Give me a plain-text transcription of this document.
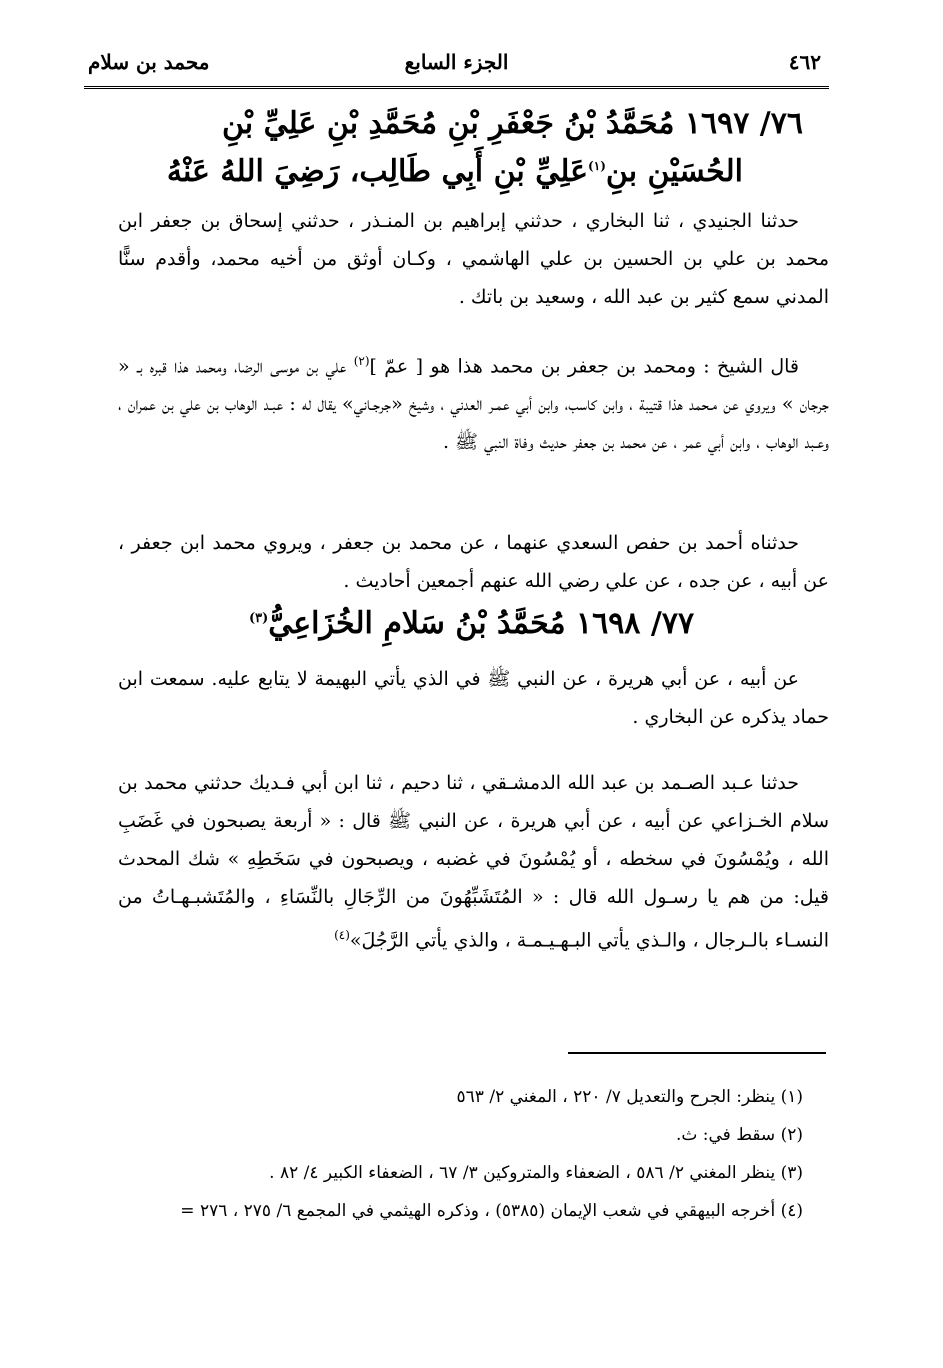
٤٦٢
الجزء السابع
محمد بن سلام
٧٦/ ١٦٩٧ مُحَمَّدُ بْنُ جَعْفَرِ بْنِ مُحَمَّدِ بْنِ عَلِيِّ بْنِ
الحُسَيْنِ بنِ$^{(١)}$عَلِيِّ بْنِ أَبِي طَالِب، رَضِيَ اللهُ عَنْهُ

حدثنا الجنيدي ، ثنا البخاري ، حدثني إبراهيم بن المنـذر ، حدثني إسحاق بن جعفر ابن محمد بن علي بن الحسين بن علي الهاشمي ، وكـان أوثق من أخيه محمد، وأقدم سنًّا المدني سمع كثير بن عبد الله ، وسعيد بن باتك .

قال الشيخ : ومحمد بن جعفر بن محمد هذا هو [ عمّ ]$^{(٢)}$ علي بن موسى الرضا، ومحمد هذا قبره بـ « جرجان » ويروي عن مـحمد هذا قتيبة ، وابن كاسب، وابن أبي عمـر العدني ، وشيخ «جرجـاني» يقال له : عبـد الوهاب بن علي بن عمران ، وعـبد الوهاب ، وابن أبي عمر ، عن محمد بن جعفر حديث وفاة النبي ﷺ .

حدثناه أحمد بن حفص السعدي عنهما ، عن محمد بن جعفر ، ويروي محمد ابن جعفر ، عن أبيه ، عن جده ، عن علي رضي الله عنهم أجمعين أحاديث .

٧٧/ ١٦٩٨ مُحَمَّدُ بْنُ سَلامِ الخُزَاعِيُّ$^{(٣)}$

عن أبيه ، عن أبي هريرة ، عن النبي ﷺ في الذي يأتي البهيمة لا يتابع عليه. سمعت ابن حماد يذكره عن البخاري .

حدثنا عـبد الصـمد بن عبد الله الدمشـقي ، ثنا دحيم ، ثنا ابن أبي فـديك حدثني محمد بن سلام الخـزاعي عن أبيه ، عن أبي هريرة ، عن النبي ﷺ قال : « أربعة يصبحون في غَضَبِ الله ، ويُمْسُونَ في سخطه ، أو يُمْسُونَ في غضبه ، ويصبحون في سَخَطِهِ » شك المحدث قيل: من هم يا رسـول الله قال : « المُتَشَبِّهُونَ من الرِّجَالِ بالنِّسَاءِ ، والمُتَشبـهـاتُ من النسـاء بالـرجال ، والـذي يأتي البـهـيـمـة ، والذي يأتي الرَّجُلَ»$^{(٤)}$

(١) ينظر: الجرح والتعديل ٧/ ٢٢٠ ، المغني ٢/ ٥٦٣
(٢) سقط في: ث.
(٣) ينظر المغني ٢/ ٥٨٦ ، الضعفاء والمتروكين ٣/ ٦٧ ، الضعفاء الكبير ٤/ ٨٢ .
(٤) أخرجه البيهقي في شعب الإيمان (٥٣٨٥) ، وذكره الهيثمي في المجمع ٦/ ٢٧٥ ، ٢٧٦ =
